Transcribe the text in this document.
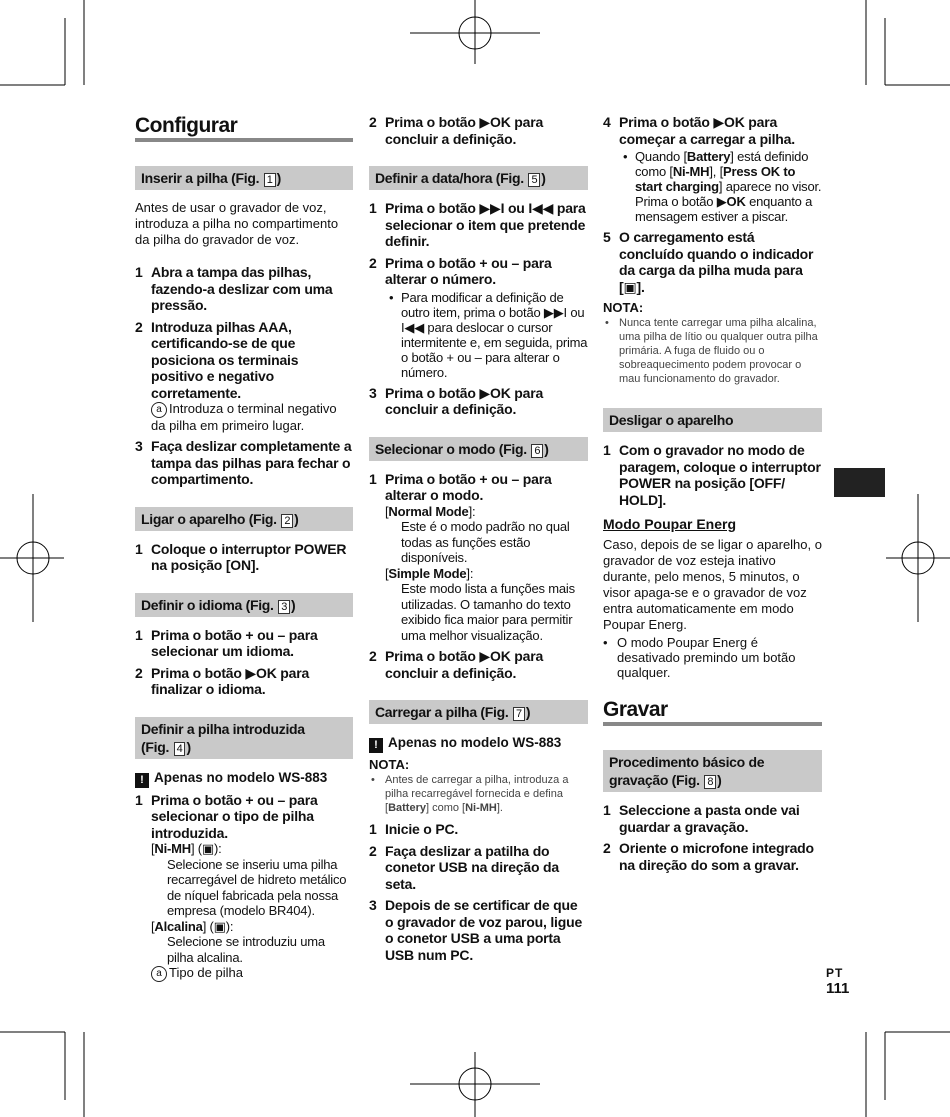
Configurar
Inserir a pilha (Fig. 1 )

Antes de usar o gravador de voz, introduza a pilha no compartimento da pilha do gravador de voz.

1 Abra a tampa das pilhas, fazendo-a deslizar com uma pressão.
2 Introduza pilhas AAA, certificando-se de que posiciona os terminais positivo e negativo corretamente.
a Introduza o terminal negativo da pilha em primeiro lugar.
3 Faça deslizar completamente a tampa das pilhas para fechar o compartimento.
Ligar o aparelho (Fig. 2 )
1 Coloque o interruptor POWER na posição [ON].
Definir o idioma (Fig. 3 )
1 Prima o botão + ou – para selecionar um idioma.
2 Prima o botão ▶OK para finalizar o idioma.
Definir a pilha introduzida
(Fig. 4 )
! Apenas no modelo WS-883
1 Prima o botão + ou – para selecionar o tipo de pilha introduzida.
[Ni-MH] (▣):
Selecione se inseriu uma pilha recarregável de hidreto metálico de níquel fabricada pela nossa empresa (modelo BR404).
[Alcalina] (▣):
Selecione se introduziu uma pilha alcalina.
a Tipo de pilha
2 Prima o botão ▶OK para concluir a definição.
Definir a data/hora (Fig. 5 )
1 Prima o botão ▶▶I ou I◀◀ para selecionar o item que pretende definir.
2 Prima o botão + ou – para alterar o número.
• Para modificar a definição de outro item, prima o botão ▶▶I ou I◀◀ para deslocar o cursor intermitente e, em seguida, prima o botão + ou – para alterar o número.
3 Prima o botão ▶OK para concluir a definição.
Selecionar o modo (Fig. 6 )
1 Prima o botão + ou – para alterar o modo.
[Normal Mode]:
Este é o modo padrão no qual todas as funções estão disponíveis.
[Simple Mode]:
Este modo lista a funções mais utilizadas. O tamanho do texto exibido fica maior para permitir uma melhor visualização.
2 Prima o botão ▶OK para concluir a definição.
Carregar a pilha (Fig. 7 )
! Apenas no modelo WS-883
NOTA:
• Antes de carregar a pilha, introduza a pilha recarregável fornecida e defina [Battery] como [Ni-MH].
1 Inicie o PC.
2 Faça deslizar a patilha do conetor USB na direção da seta.
3 Depois de se certificar de que o gravador de voz parou, ligue o conetor USB a uma porta USB num PC.
4 Prima o botão ▶OK para começar a carregar a pilha.
• Quando [Battery] está definido como [Ni-MH], [Press OK to start charging] aparece no visor. Prima o botão ▶OK enquanto a mensagem estiver a piscar.
5 O carregamento está concluído quando o indicador da carga da pilha muda para [▣].
NOTA:
• Nunca tente carregar uma pilha alcalina, uma pilha de lítio ou qualquer outra pilha primária. A fuga de fluido ou o sobreaquecimento podem provocar o mau funcionamento do gravador.
Desligar o aparelho
1 Com o gravador no modo de paragem, coloque o interruptor POWER na posição [OFF/ HOLD].
Modo Poupar Energ

Caso, depois de se ligar o aparelho, o gravador de voz esteja inativo durante, pelo menos, 5 minutos, o visor apaga-se e o gravador de voz entra automaticamente em modo Poupar Energ.

• O modo Poupar Energ é desativado premindo um botão qualquer.
Gravar
Procedimento básico de
gravação (Fig. 8 )
1 Seleccione a pasta onde vai guardar a gravação.
2 Oriente o microfone integrado na direção do som a gravar.
PT
111
